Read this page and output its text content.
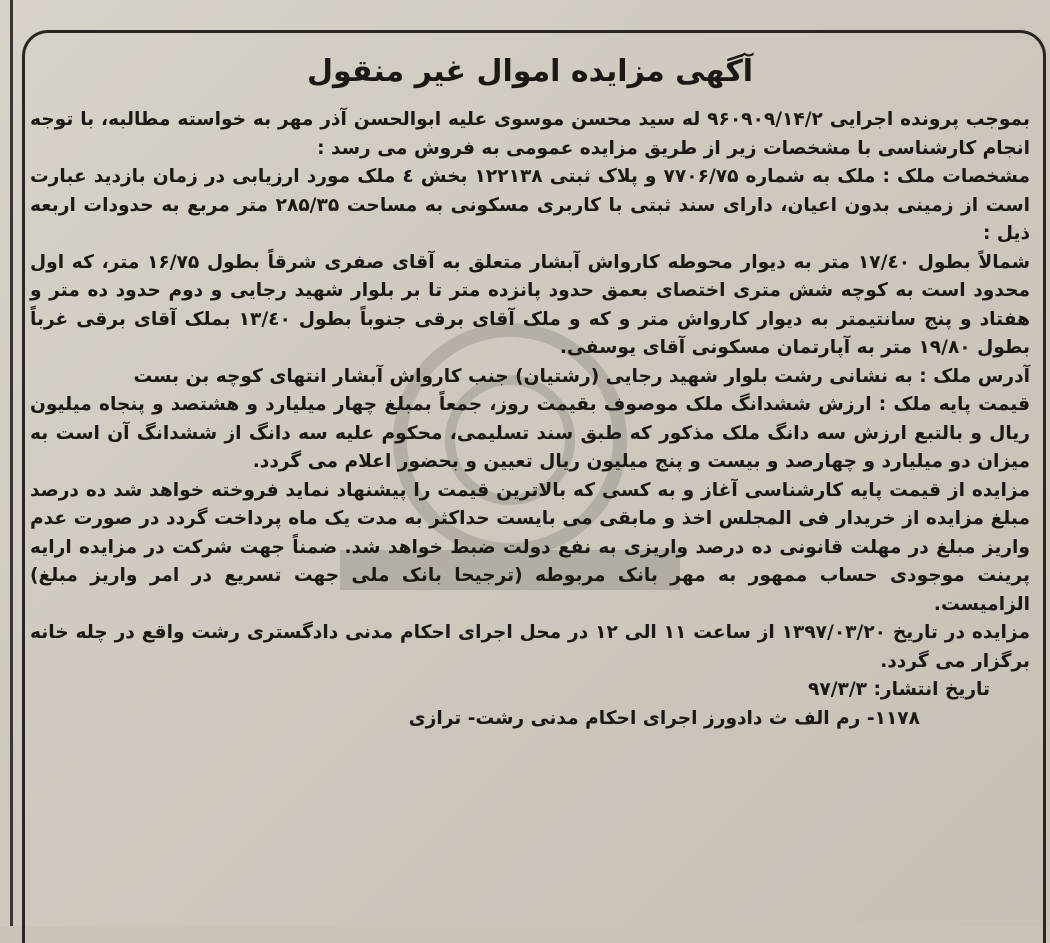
آگهی مزایده اموال غیر منقول

بموجب پرونده اجرایی ۹۶۰۹۰۹/۱۴/۲ له سید محسن موسوی علیه ابوالحسن آذر مهر به خواسته مطالبه، با توجه انجام کارشناسی با مشخصات زیر از طریق مزایده عمومی به فروش می رسد :

مشخصات ملک : ملک به شماره ۷۷۰۶/۷۵ و پلاک ثبتی ۱۲۲۱۳۸ بخش ٤ ملک مورد ارزیابی در زمان بازدید عبارت است از زمینی بدون اعیان، دارای سند ثبتی با کاربری مسکونی به مساحت ۲۸۵/۳۵ متر مربع به حدودات اربعه ذیل :

شمالاً بطول ۱۷/٤۰ متر به دیوار محوطه کارواش آبشار متعلق به آقای صفری شرقاً بطول ۱۶/۷۵ متر، که اول محدود است به کوچه شش متری اختصای بعمق حدود پانزده متر تا بر بلوار شهید رجایی و دوم حدود ده متر و هفتاد و پنج سانتیمتر به دیوار کارواش متر و که و ملک آقای برقی جنوباً بطول ۱۳/٤۰ بملک آقای برقی غرباً بطول ۱۹/۸۰ متر به آپارتمان مسکونی آقای یوسفی.

آدرس ملک : به نشانی رشت بلوار شهید رجایی (رشتیان) جنب کارواش آبشار انتهای کوچه بن بست

قیمت پایه ملک : ارزش ششدانگ ملک موصوف بقیمت روز، جمعاً بمبلغ چهار میلیارد و هشتصد و پنجاه میلیون ریال و بالتبع ارزش سه دانگ ملک مذکور که طبق سند تسلیمی، محکوم علیه سه دانگ از ششدانگ آن است به میزان دو میلیارد و چهارصد و بیست و پنج میلیون ریال تعیین و بحضور اعلام می گردد.

مزایده از قیمت پایه کارشناسی آغاز و به کسی که بالاترین قیمت را پیشنهاد نماید فروخته خواهد شد ده درصد مبلغ مزایده از خریدار فی المجلس اخذ و مابقی می بایست حداکثر به مدت یک ماه پرداخت گردد در صورت عدم واریز مبلغ در مهلت قانونی ده درصد واریزی به نفع دولت ضبط خواهد شد. ضمناً جهت شرکت در مزایده ارایه پرینت موجودی حساب ممهور به مهر بانک مربوطه (ترجیحا بانک ملی جهت تسریع در امر واریز مبلغ) الزامیست.

مزایده در تاریخ ۱۳۹۷/۰۳/۲۰ از ساعت ۱۱ الی ۱۲ در محل اجرای احکام مدنی دادگستری رشت واقع در چله خانه برگزار می گردد.

تاریخ انتشار: ۹۷/۳/۳
۱۱۷۸- رم الف ث دادورز اجرای احکام مدنی رشت- ترازی
